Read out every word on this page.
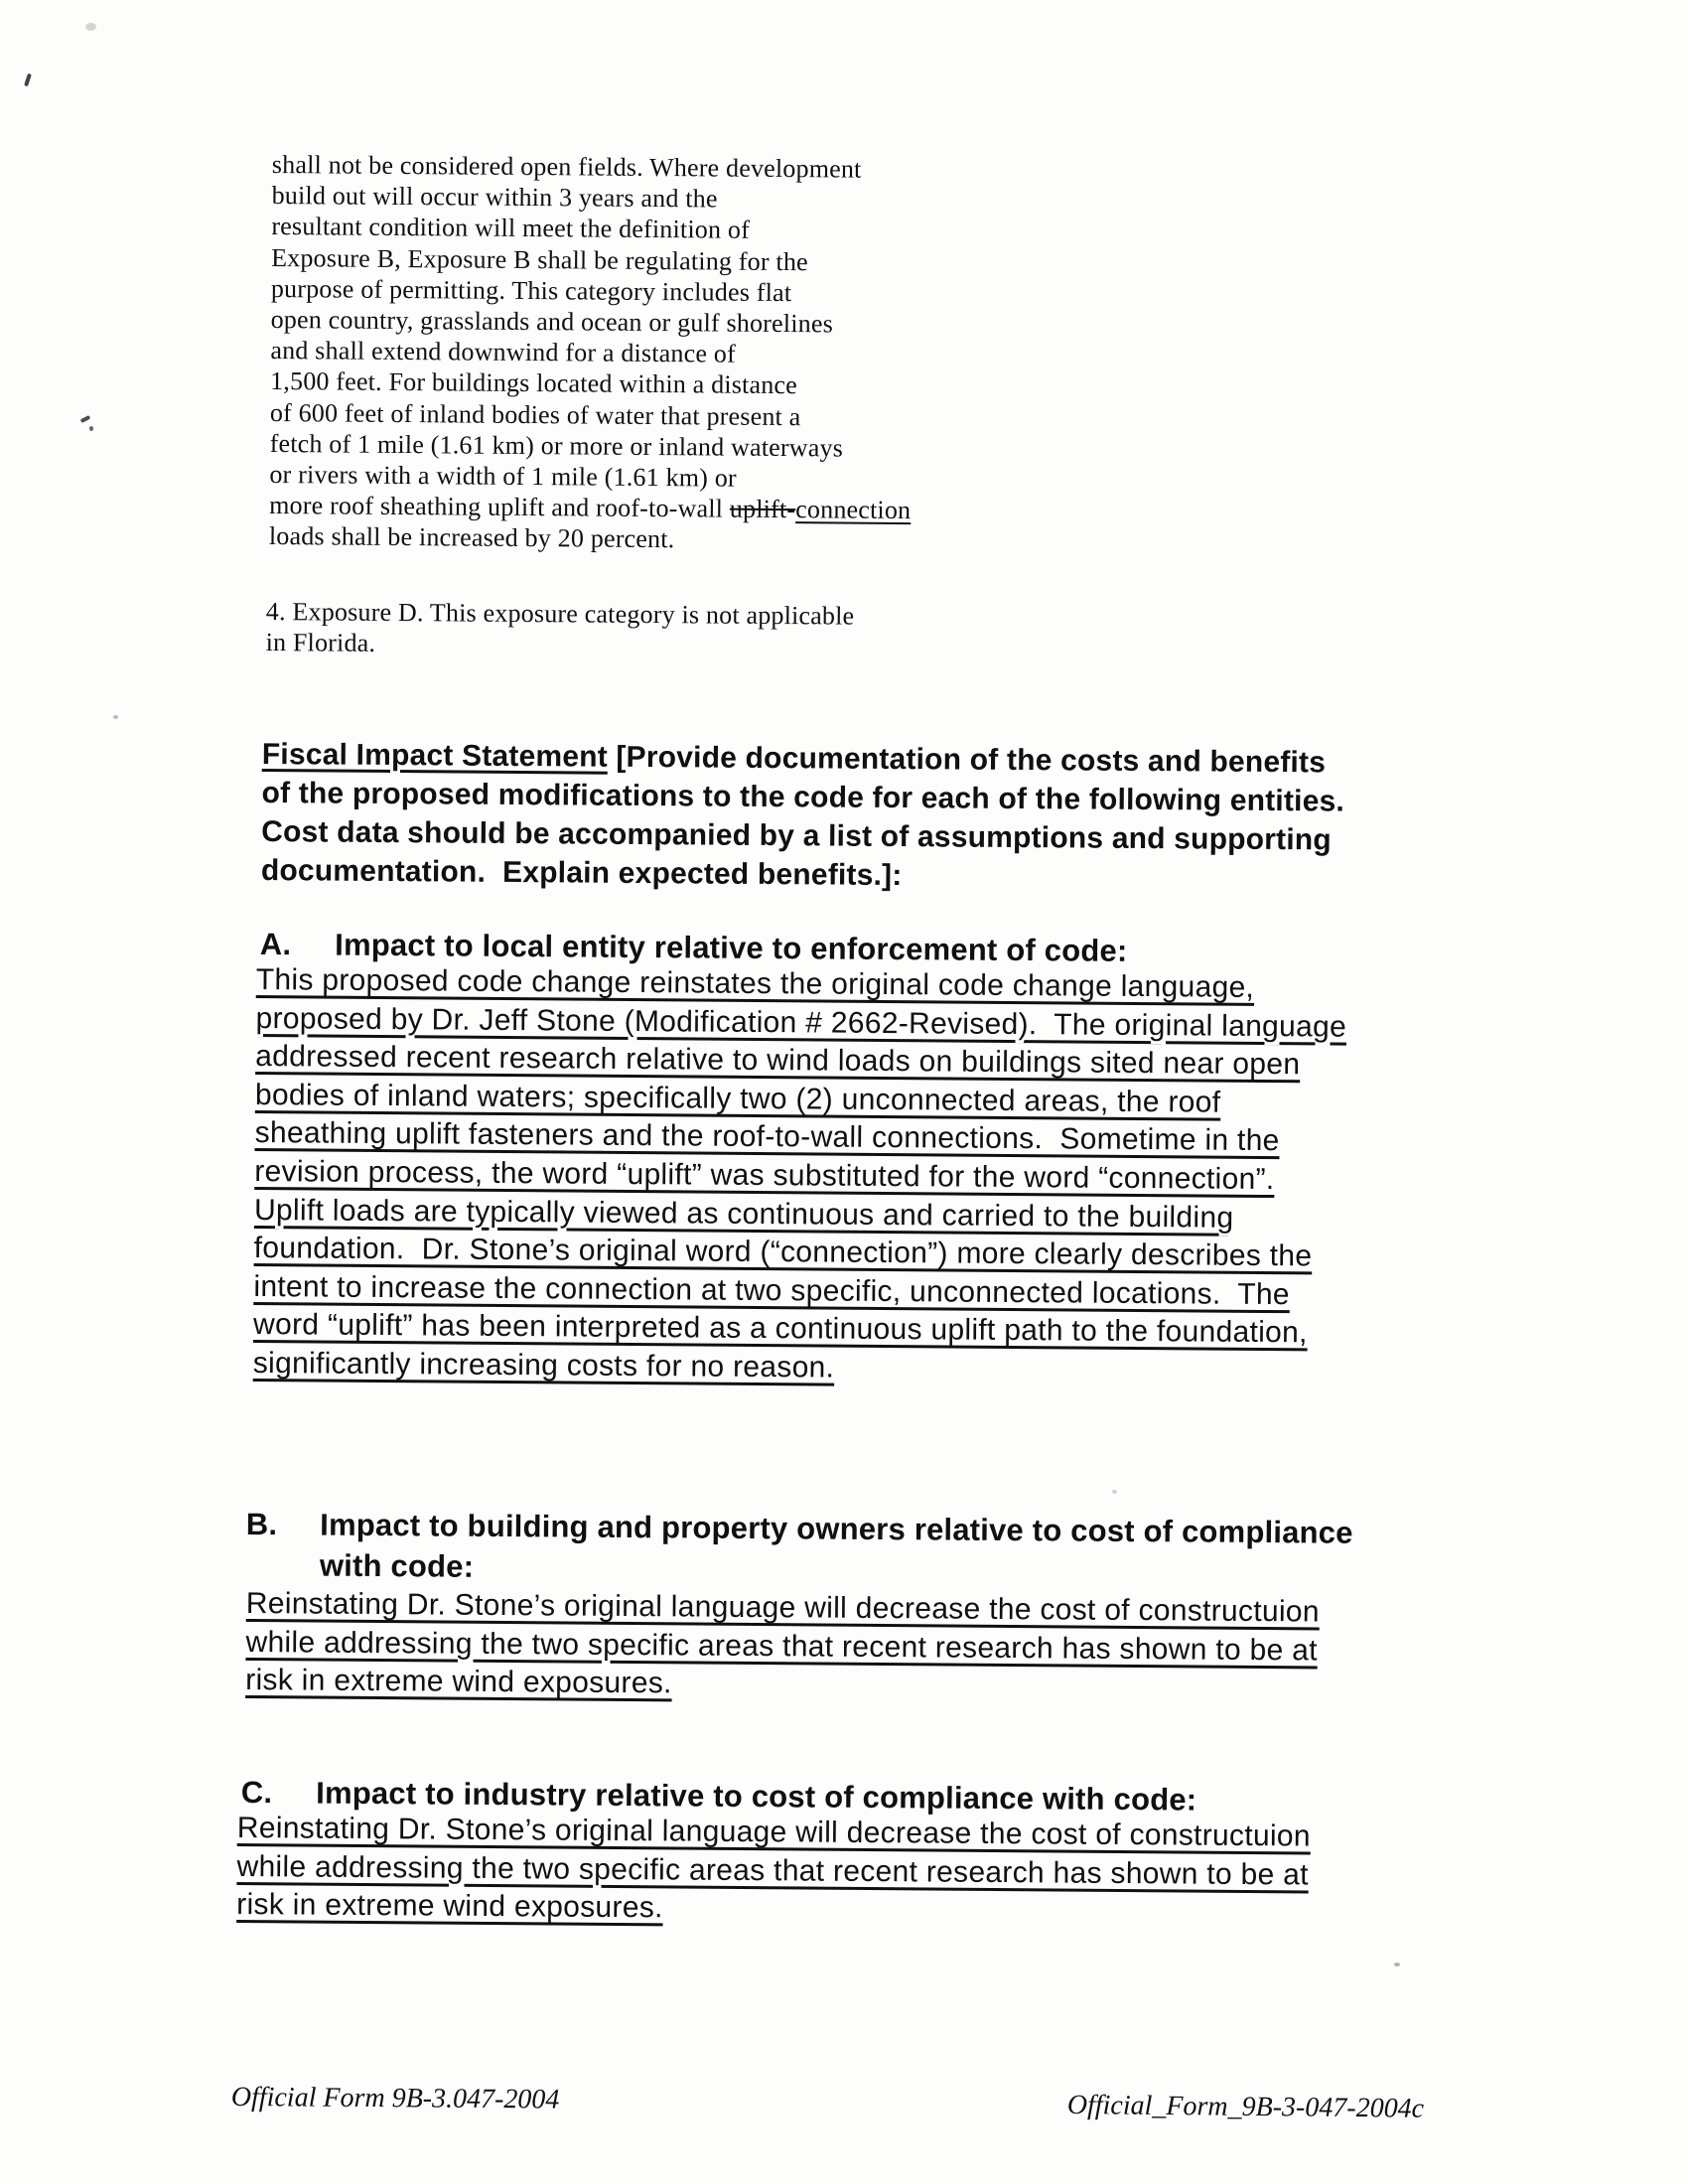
shall not be considered open fields. Where development
build out will occur within 3 years and the
resultant condition will meet the definition of
Exposure B, Exposure B shall be regulating for the
purpose of permitting. This category includes flat
open country, grasslands and ocean or gulf shorelines
and shall extend downwind for a distance of
1,500 feet. For buildings located within a distance
of 600 feet of inland bodies of water that present a
fetch of 1 mile (1.61 km) or more or inland waterways
or rivers with a width of 1 mile (1.61 km) or
more roof sheathing uplift and roof-to-wall uplift-connection
loads shall be increased by 20 percent.
4. Exposure D. This exposure category is not applicable
in Florida.
Fiscal Impact Statement [Provide documentation of the costs and benefits
of the proposed modifications to the code for each of the following entities.
Cost data should be accompanied by a list of assumptions and supporting
documentation.  Explain expected benefits.]:
A. Impact to local entity relative to enforcement of code:
This proposed code change reinstates the original code change language,
proposed by Dr. Jeff Stone (Modification # 2662-Revised).  The original language
addressed recent research relative to wind loads on buildings sited near open
bodies of inland waters; specifically two (2) unconnected areas, the roof
sheathing uplift fasteners and the roof-to-wall connections.  Sometime in the
revision process, the word “uplift” was substituted for the word “connection”.
Uplift loads are typically viewed as continuous and carried to the building
foundation.  Dr. Stone’s original word (“connection”) more clearly describes the
intent to increase the connection at two specific, unconnected locations.  The
word “uplift” has been interpreted as a continuous uplift path to the foundation,
significantly increasing costs for no reason.
B. Impact to building and property owners relative to cost of compliance
with code:
Reinstating Dr. Stone’s original language will decrease the cost of constructuion
while addressing the two specific areas that recent research has shown to be at
risk in extreme wind exposures.
C. Impact to industry relative to cost of compliance with code:
Reinstating Dr. Stone’s original language will decrease the cost of constructuion
while addressing the two specific areas that recent research has shown to be at
risk in extreme wind exposures.
Official Form 9B-3.047-2004	Official_Form_9B-3-047-2004c
